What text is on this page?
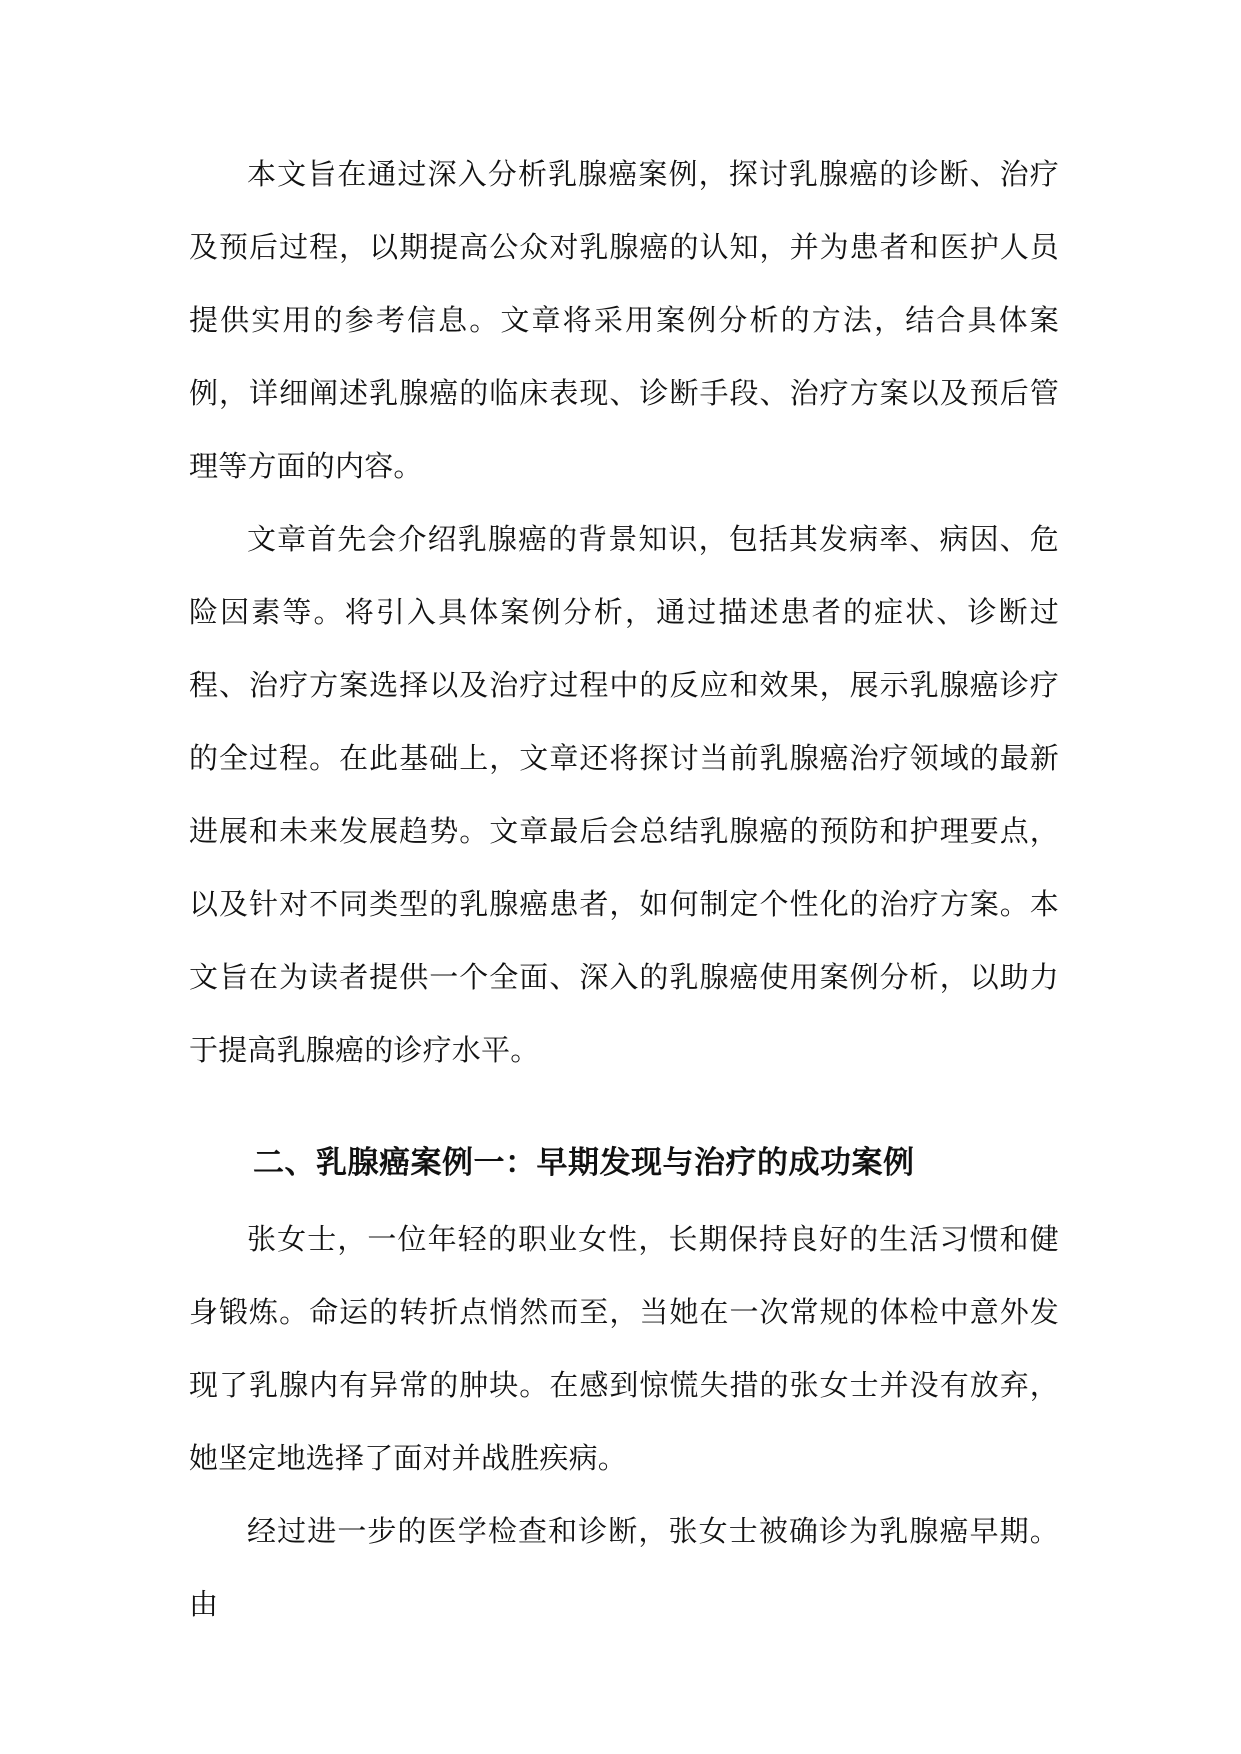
本文旨在通过深入分析乳腺癌案例，探讨乳腺癌的诊断、治疗及预后过程，以期提高公众对乳腺癌的认知，并为患者和医护人员提供实用的参考信息。文章将采用案例分析的方法，结合具体案例，详细阐述乳腺癌的临床表现、诊断手段、治疗方案以及预后管理等方面的内容。

文章首先会介绍乳腺癌的背景知识，包括其发病率、病因、危险因素等。将引入具体案例分析，通过描述患者的症状、诊断过程、治疗方案选择以及治疗过程中的反应和效果，展示乳腺癌诊疗的全过程。在此基础上，文章还将探讨当前乳腺癌治疗领域的最新进展和未来发展趋势。文章最后会总结乳腺癌的预防和护理要点，以及针对不同类型的乳腺癌患者，如何制定个性化的治疗方案。本文旨在为读者提供一个全面、深入的乳腺癌使用案例分析，以助力于提高乳腺癌的诊疗水平。

二、乳腺癌案例一：早期发现与治疗的成功案例

张女士，一位年轻的职业女性，长期保持良好的生活习惯和健身锻炼。命运的转折点悄然而至，当她在一次常规的体检中意外发现了乳腺内有异常的肿块。在感到惊慌失措的张女士并没有放弃，她坚定地选择了面对并战胜疾病。

经过进一步的医学检查和诊断，张女士被确诊为乳腺癌早期。由
